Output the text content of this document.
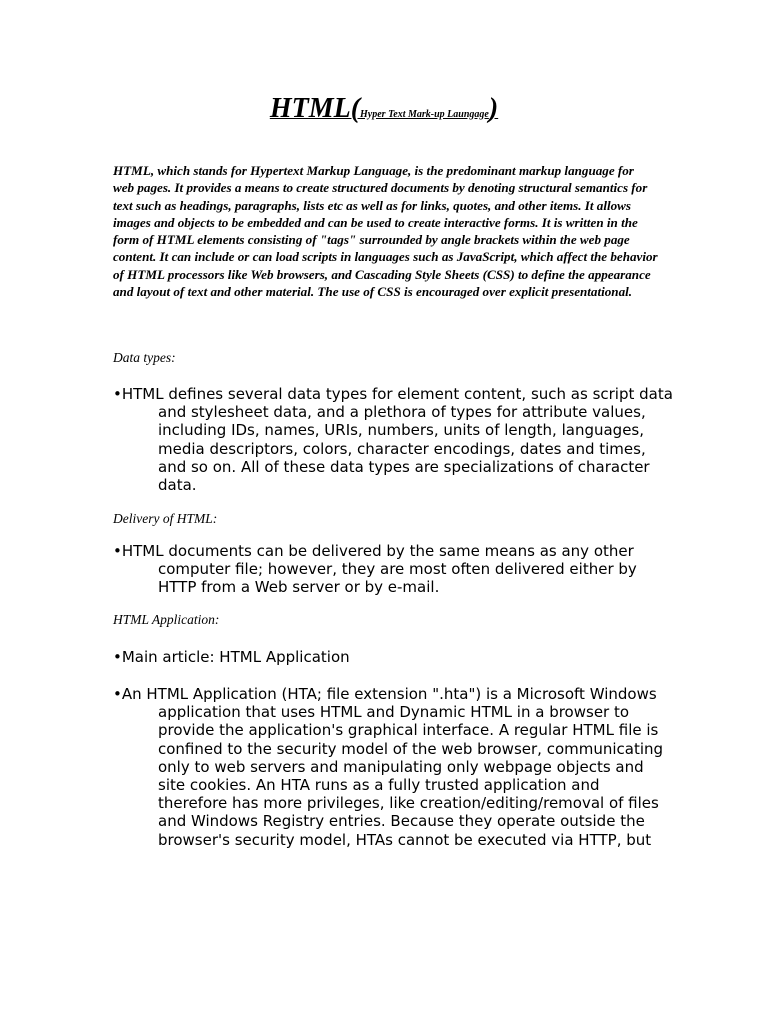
HTML(Hyper Text Mark-up Laungage)

HTML, which stands for Hypertext Markup Language, is the predominant markup language for web pages. It provides a means to create structured documents by denoting structural semantics for text such as headings, paragraphs, lists etc as well as for links, quotes, and other items. It allows images and objects to be embedded and can be used to create interactive forms. It is written in the form of HTML elements consisting of "tags" surrounded by angle brackets within the web page content. It can include or can load scripts in languages such as JavaScript, which affect the behavior of HTML processors like Web browsers, and Cascading Style Sheets (CSS) to define the appearance and layout of text and other material. The use of CSS is encouraged over explicit presentational.

Data types:

•HTML defines several data types for element content, such as script data and stylesheet data, and a plethora of types for attribute values, including IDs, names, URIs, numbers, units of length, languages, media descriptors, colors, character encodings, dates and times, and so on. All of these data types are specializations of character data.

Delivery of HTML:

•HTML documents can be delivered by the same means as any other computer file; however, they are most often delivered either by HTTP from a Web server or by e-mail.

HTML Application:

•Main article: HTML Application

•An HTML Application (HTA; file extension ".hta") is a Microsoft Windows application that uses HTML and Dynamic HTML in a browser to provide the application's graphical interface. A regular HTML file is confined to the security model of the web browser, communicating only to web servers and manipulating only webpage objects and site cookies. An HTA runs as a fully trusted application and therefore has more privileges, like creation/editing/removal of files and Windows Registry entries. Because they operate outside the browser's security model, HTAs cannot be executed via HTTP, but
